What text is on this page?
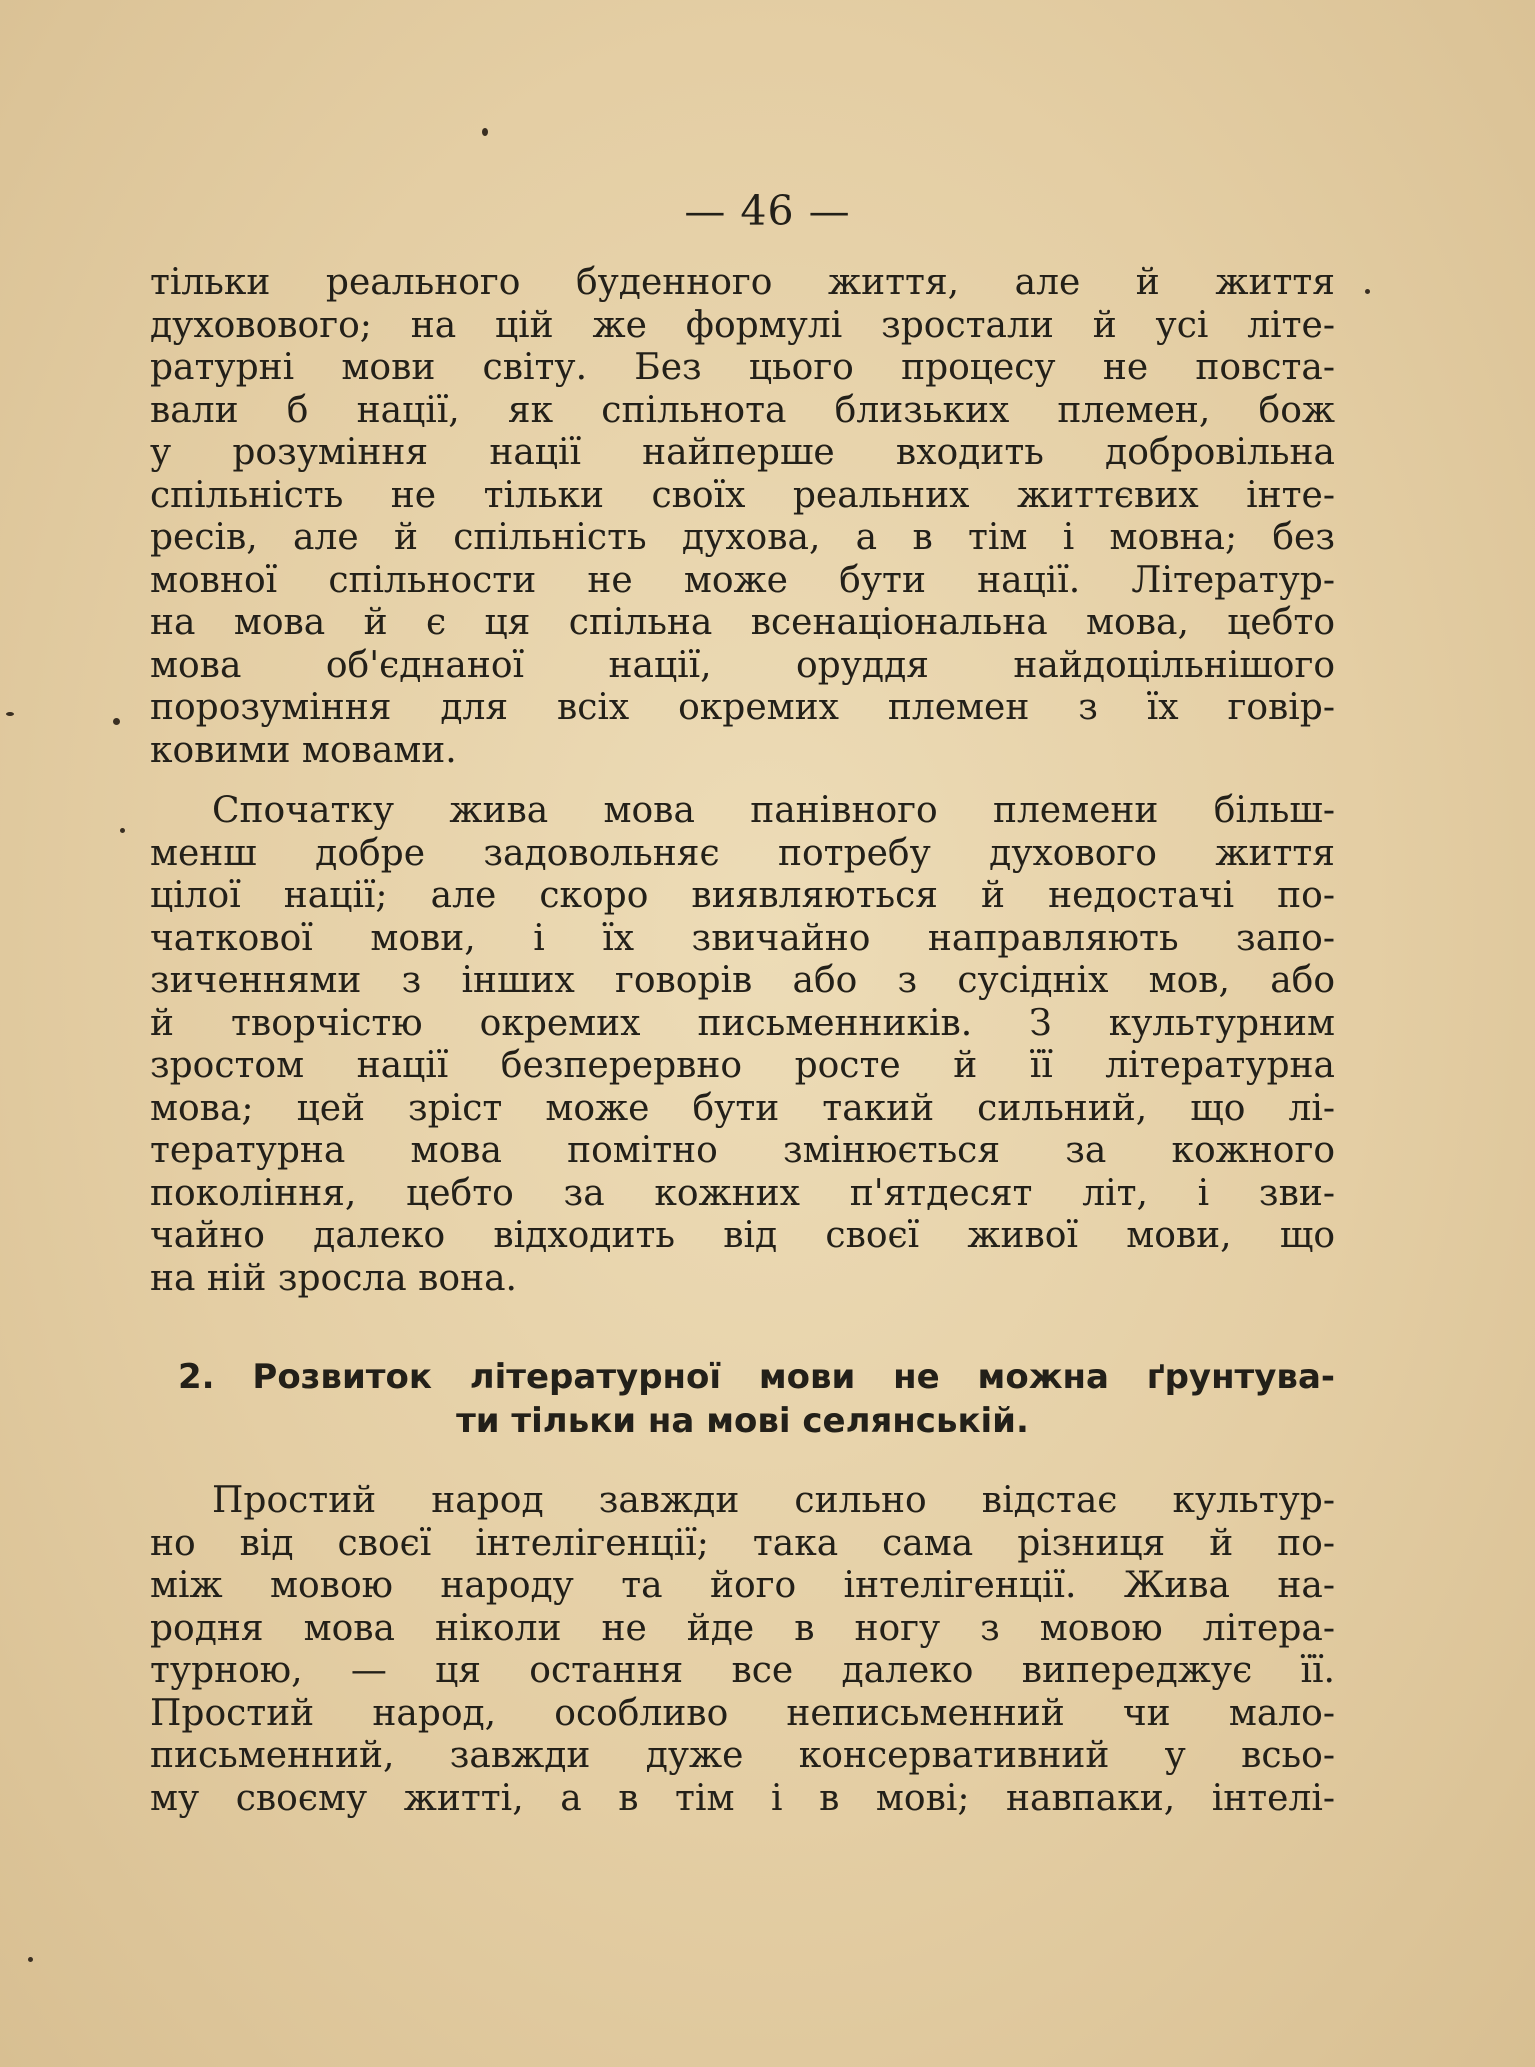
— 46 —
тільки реального буденного життя, але й життя
духовового; на цій же формулі зростали й усі літе-
ратурні мови світу. Без цього процесу не повста-
вали б нації, як спільнота близьких племен, бож
у розуміння нації найперше входить добровільна
спільність не тільки своїх реальних життєвих інте-
ресів, але й спільність духова, а в тім і мовна; без
мовної спільности не може бути нації. Літератур-
на мова й є ця спільна всенаціональна мова, цебто
мова об'єднаної нації, оруддя найдоцільнішого
порозуміння для всіх окремих племен з їх говір-
ковими мовами.
Спочатку жива мова панівного племени більш-
менш добре задовольняє потребу духового життя
цілої нації; але скоро виявляються й недостачі по-
чаткової мови, і їх звичайно направляють запо-
зиченнями з інших говорів або з сусідніх мов, або
й творчістю окремих письменників. З культурним
зростом нації безперервно росте й її літературна
мова; цей зріст може бути такий сильний, що лі-
тературна мова помітно змінюється за кожного
покоління, цебто за кожних п'ятдесят літ, і зви-
чайно далеко відходить від своєї живої мови, що
на ній зросла вона.
2. Розвиток літературної мови не можна ґрунтува-
ти тільки на мові селянській.
Простий народ завжди сильно відстає культур-
но від своєї інтелігенції; така сама різниця й по-
між мовою народу та його інтелігенції. Жива на-
родня мова ніколи не йде в ногу з мовою літера-
турною, — ця остання все далеко випереджує її.
Простий народ, особливо неписьменний чи мало-
письменний, завжди дуже консервативний у всьо-
му своєму житті, а в тім і в мові; навпаки, інтелі-
